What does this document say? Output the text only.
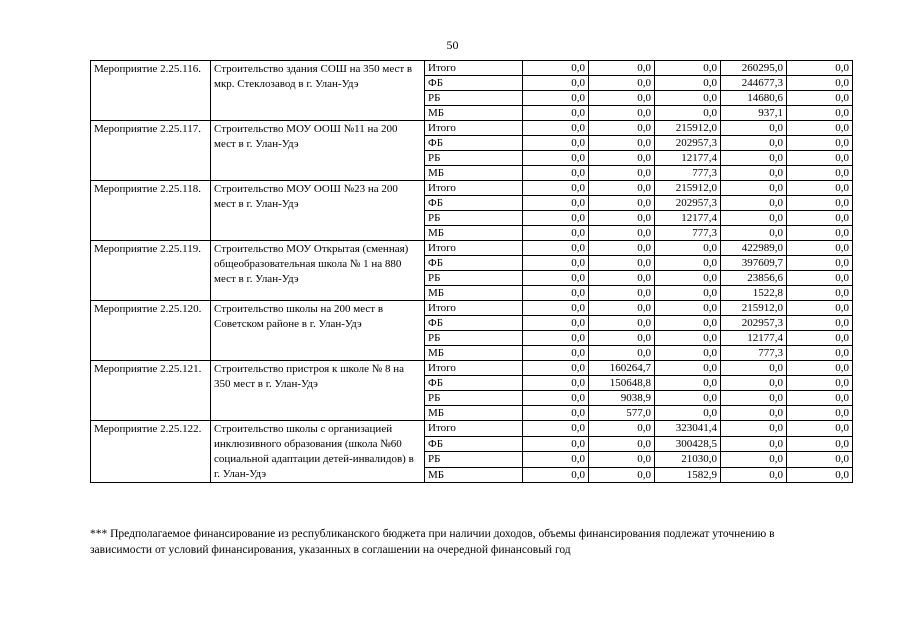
50
Мероприятие 2.25.116.	Строительство здания СОШ на 350 мест в мкр. Стеклозавод в г. Улан-Удэ	Итого	0,0	0,0	0,0	260295,0	0,0
		ФБ	0,0	0,0	0,0	244677,3	0,0
		РБ	0,0	0,0	0,0	14680,6	0,0
		МБ	0,0	0,0	0,0	937,1	0,0
Мероприятие 2.25.117.	Строительство МОУ ООШ №11 на 200 мест в г. Улан-Удэ	Итого	0,0	0,0	215912,0	0,0	0,0
		ФБ	0,0	0,0	202957,3	0,0	0,0
		РБ	0,0	0,0	12177,4	0,0	0,0
		МБ	0,0	0,0	777,3	0,0	0,0
Мероприятие 2.25.118.	Строительство МОУ ООШ №23 на 200 мест в г. Улан-Удэ	Итого	0,0	0,0	215912,0	0,0	0,0
		ФБ	0,0	0,0	202957,3	0,0	0,0
		РБ	0,0	0,0	12177,4	0,0	0,0
		МБ	0,0	0,0	777,3	0,0	0,0
Мероприятие 2.25.119.	Строительство МОУ Открытая (сменная) общеобразовательная школа № 1 на 880 мест в г. Улан-Удэ	Итого	0,0	0,0	0,0	422989,0	0,0
		ФБ	0,0	0,0	0,0	397609,7	0,0
		РБ	0,0	0,0	0,0	23856,6	0,0
		МБ	0,0	0,0	0,0	1522,8	0,0
Мероприятие 2.25.120.	Строительство школы на 200 мест в Советском районе в г. Улан-Удэ	Итого	0,0	0,0	0,0	215912,0	0,0
		ФБ	0,0	0,0	0,0	202957,3	0,0
		РБ	0,0	0,0	0,0	12177,4	0,0
		МБ	0,0	0,0	0,0	777,3	0,0
Мероприятие 2.25.121.	Строительство пристроя к школе № 8 на 350 мест в г. Улан-Удэ	Итого	0,0	160264,7	0,0	0,0	0,0
		ФБ	0,0	150648,8	0,0	0,0	0,0
		РБ	0,0	9038,9	0,0	0,0	0,0
		МБ	0,0	577,0	0,0	0,0	0,0
Мероприятие 2.25.122.	Строительство школы с организацией инклюзивного образования (школа №60 социальной адаптации детей-инвалидов) в г. Улан-Удэ	Итого	0,0	0,0	323041,4	0,0	0,0
		ФБ	0,0	0,0	300428,5	0,0	0,0
		РБ	0,0	0,0	21030,0	0,0	0,0
		МБ	0,0	0,0	1582,9	0,0	0,0
*** Предполагаемое финансирование из республиканского бюджета при наличии доходов, объемы финансирования подлежат уточнению в зависимости от условий финансирования, указанных в соглашении на очередной финансовый год
